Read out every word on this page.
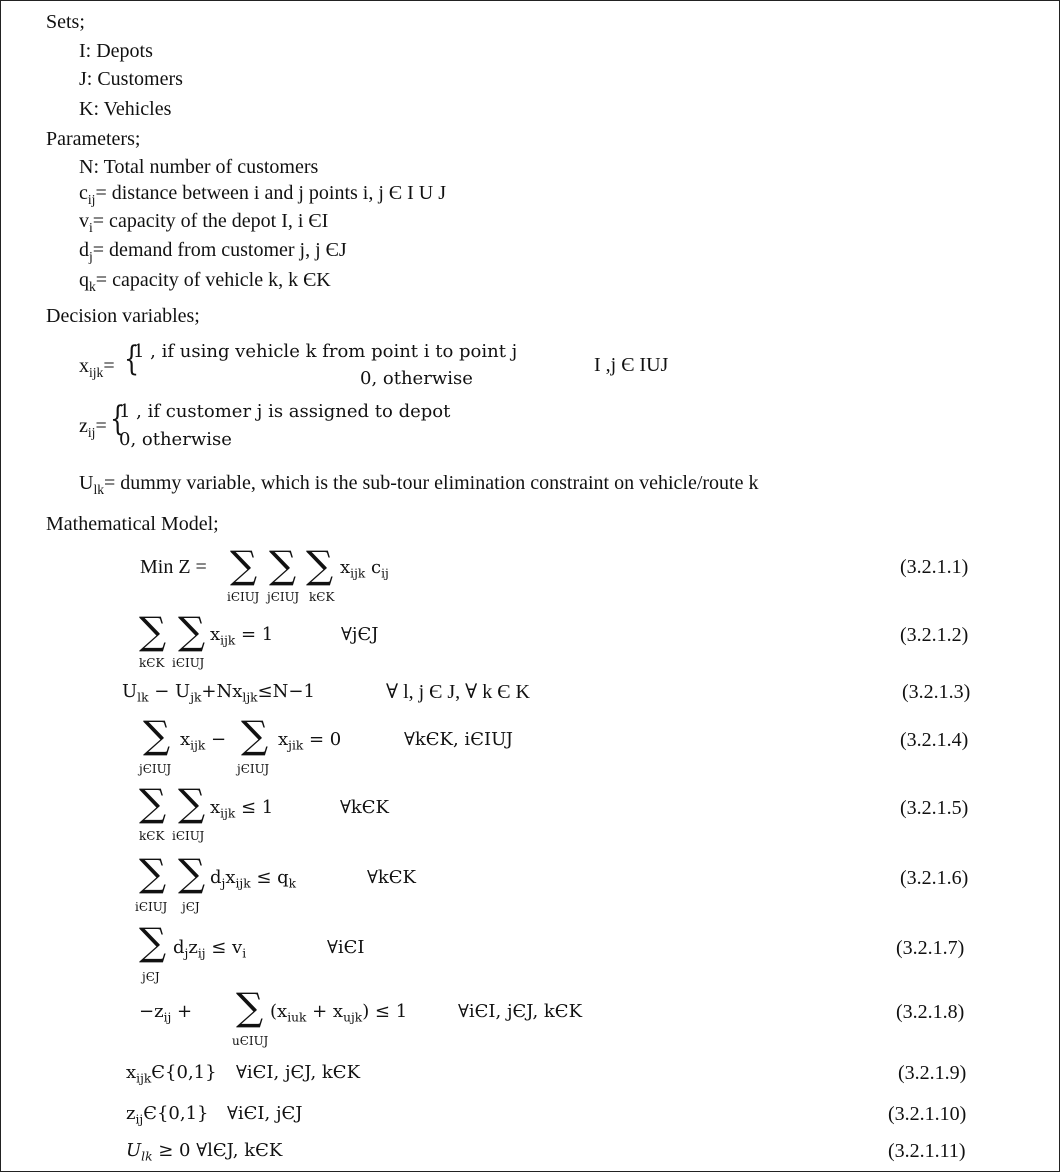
Sets;
I: Depots
J: Customers
K: Vehicles
Parameters;
N: Total number of customers
$c_{ij}=$ distance between i and j points i, j Є I U J
$v_i=$ capacity of the depot I, i ЄI
$d_j=$ demand from customer j, j ЄJ
$q_k=$ capacity of vehicle k, k ЄK
Decision variables;
$x_{ijk}=$ {
1 , if using vehicle k from point i to point j
0, otherwise
I ,j Є IUJ
$z_{ij}=$ {
1 , if customer j is assigned to depot
0, otherwise
$U_{lk}=$ dummy variable, which is the sub-tour elimination constraint on vehicle/route k
Mathematical Model;
Min Z = ∑ ∑ ∑
iЄIUJ jЄIUJ kЄK
$x_{ijk}$ $c_{ij}$	(3.2.1.1)
∑ ∑
kЄK iЄIUJ
$x_{ijk} = 1$	∀jЄJ	(3.2.1.2)
$U_{lk} - U_{jk}+Nx_{ljk}\le N-1$	∀ l, j Є J, ∀ k Є K	(3.2.1.3)
∑
jЄIUJ
$x_{ijk}$ − ∑
jЄIUJ
$x_{jik} = 0$	∀kЄK, iЄIUJ	(3.2.1.4)
∑ ∑
kЄK iЄIUJ
$x_{ijk} \le 1$	∀kЄK	(3.2.1.5)
∑ ∑
iЄIUJ jЄJ
$d_jx_{ijk} \le q_k$	∀kЄK	(3.2.1.6)
∑
jЄJ
$d_jz_{ij} \le v_i$	∀iЄI	(3.2.1.7)
$-z_{ij}$ + ∑
uЄIUJ
$(x_{iuk} + x_{ujk}) \le 1$	∀iЄI, jЄJ, kЄK	(3.2.1.8)
$x_{ijk}Є\{0,1\}$ ∀iЄI, jЄJ, kЄK	(3.2.1.9)
$z_{ij}Є\{0,1\}$ ∀iЄI, jЄJ	(3.2.1.10)
$U_{lk} \ge 0$ ∀lЄJ, kЄK	(3.2.1.11)
